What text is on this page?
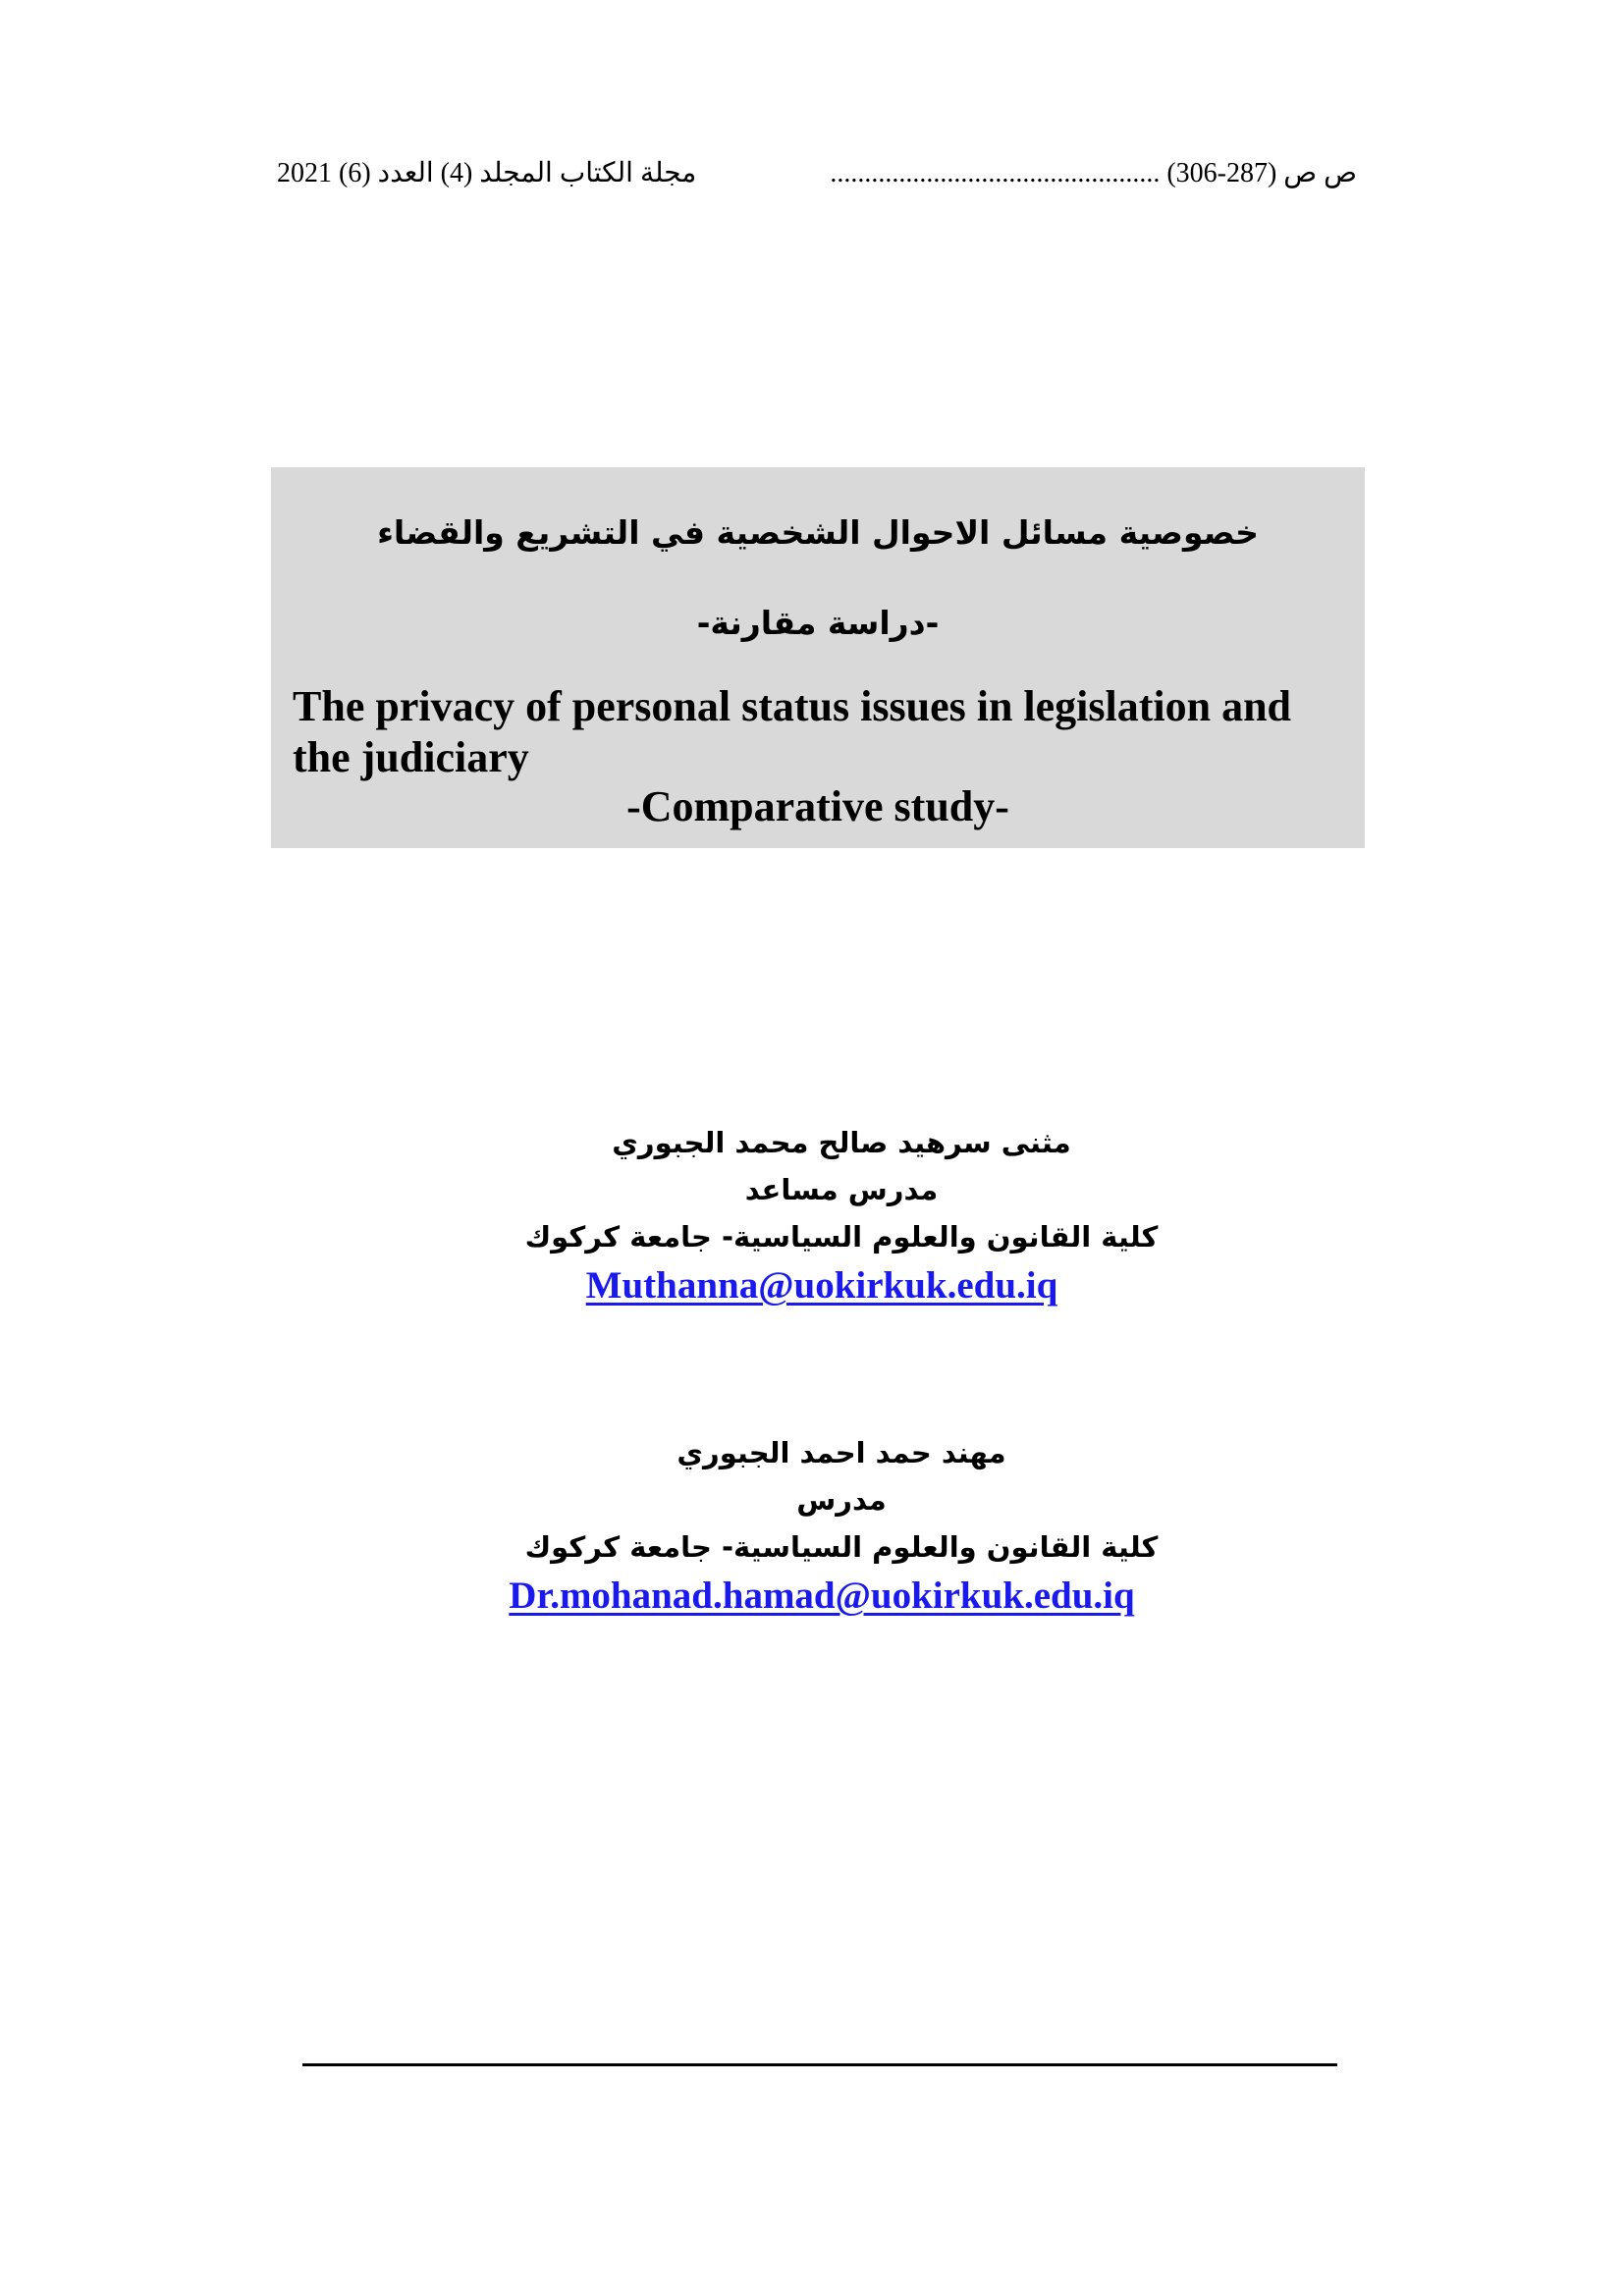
ص ص (287-306) ................................................
مجلة الكتاب المجلد (4) العدد (6) 2021
خصوصية مسائل الاحوال الشخصية في التشريع والقضاء
-دراسة مقارنة-
The privacy of personal status issues in legislation and the judiciary
-Comparative study-
مثنى سرهيد صالح محمد الجبوري
مدرس مساعد
كلية القانون والعلوم السياسية- جامعة كركوك
Muthanna@uokirkuk.edu.iq
مهند حمد احمد الجبوري
مدرس
كلية القانون والعلوم السياسية- جامعة كركوك
Dr.mohanad.hamad@uokirkuk.edu.iq
